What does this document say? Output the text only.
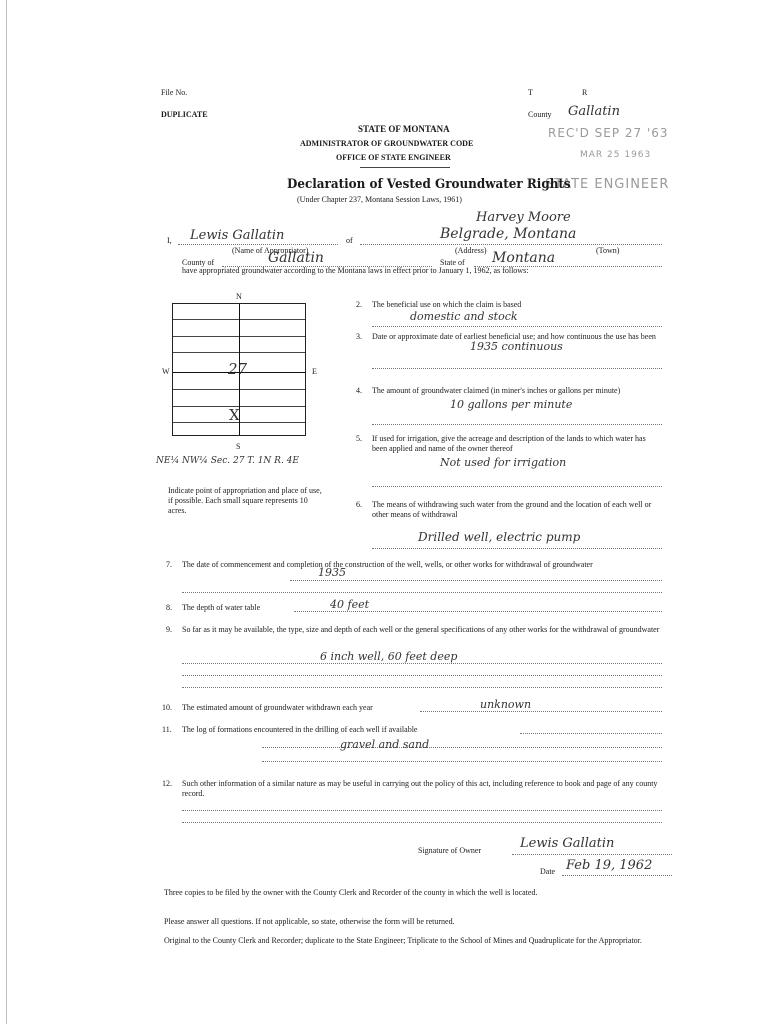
File No.
DUPLICATE
STATE OF MONTANA
ADMINISTRATOR OF GROUNDWATER CODE
OFFICE OF STATE ENGINEER
T	R
County Gallatin
REC'D SEP 27 '63
MAR 25 1963
STATE ENGINEER
Declaration of Vested Groundwater Rights
(Under Chapter 237, Montana Session Laws, 1961)
Harvey Moore
I, Lewis Gallatin	of	Belgrade, Montana
(Name of Appropriator)	(Address)	(Town)
County of	Gallatin	State of Montana
have appropriated groundwater according to the Montana laws in effect prior to January 1, 1962, as follows:
N
W	E
S
27
X
NE¼ NW¼ Sec. 27 T. 1N R. 4E
Indicate point of appropriation and place of use, if possible. Each small square represents 10 acres.
2. The beneficial use on which the claim is based
domestic and stock
3. Date or approximate date of earliest beneficial use; and how continuous the use has been
1935 continuous
4. The amount of groundwater claimed (in miner's inches or gallons per minute)
10 gallons per minute
5. If used for irrigation, give the acreage and description of the lands to which water has been applied and name of the owner thereof
Not used for irrigation
6. The means of withdrawing such water from the ground and the location of each well or other means of withdrawal
Drilled well, electric pump
7. The date of commencement and completion of the construction of the well, wells, or other works for withdrawal of groundwater
1935
8. The depth of water table	40 feet
9. So far as it may be available, the type, size and depth of each well or the general specifications of any other works for the withdrawal of groundwater
6 inch well, 60 feet deep
10. The estimated amount of groundwater withdrawn each year	unknown
11. The log of formations encountered in the drilling of each well if available
gravel and sand
12. Such other information of a similar nature as may be useful in carrying out the policy of this act, including reference to book and page of any county record.
Signature of Owner	Lewis Gallatin
Date Feb 19, 1962
Three copies to be filed by the owner with the County Clerk and Recorder of the county in which the well is located.
Please answer all questions. If not applicable, so state, otherwise the form will be returned.
Original to the County Clerk and Recorder; duplicate to the State Engineer; Triplicate to the School of Mines and Quadruplicate for the Appropriator.
